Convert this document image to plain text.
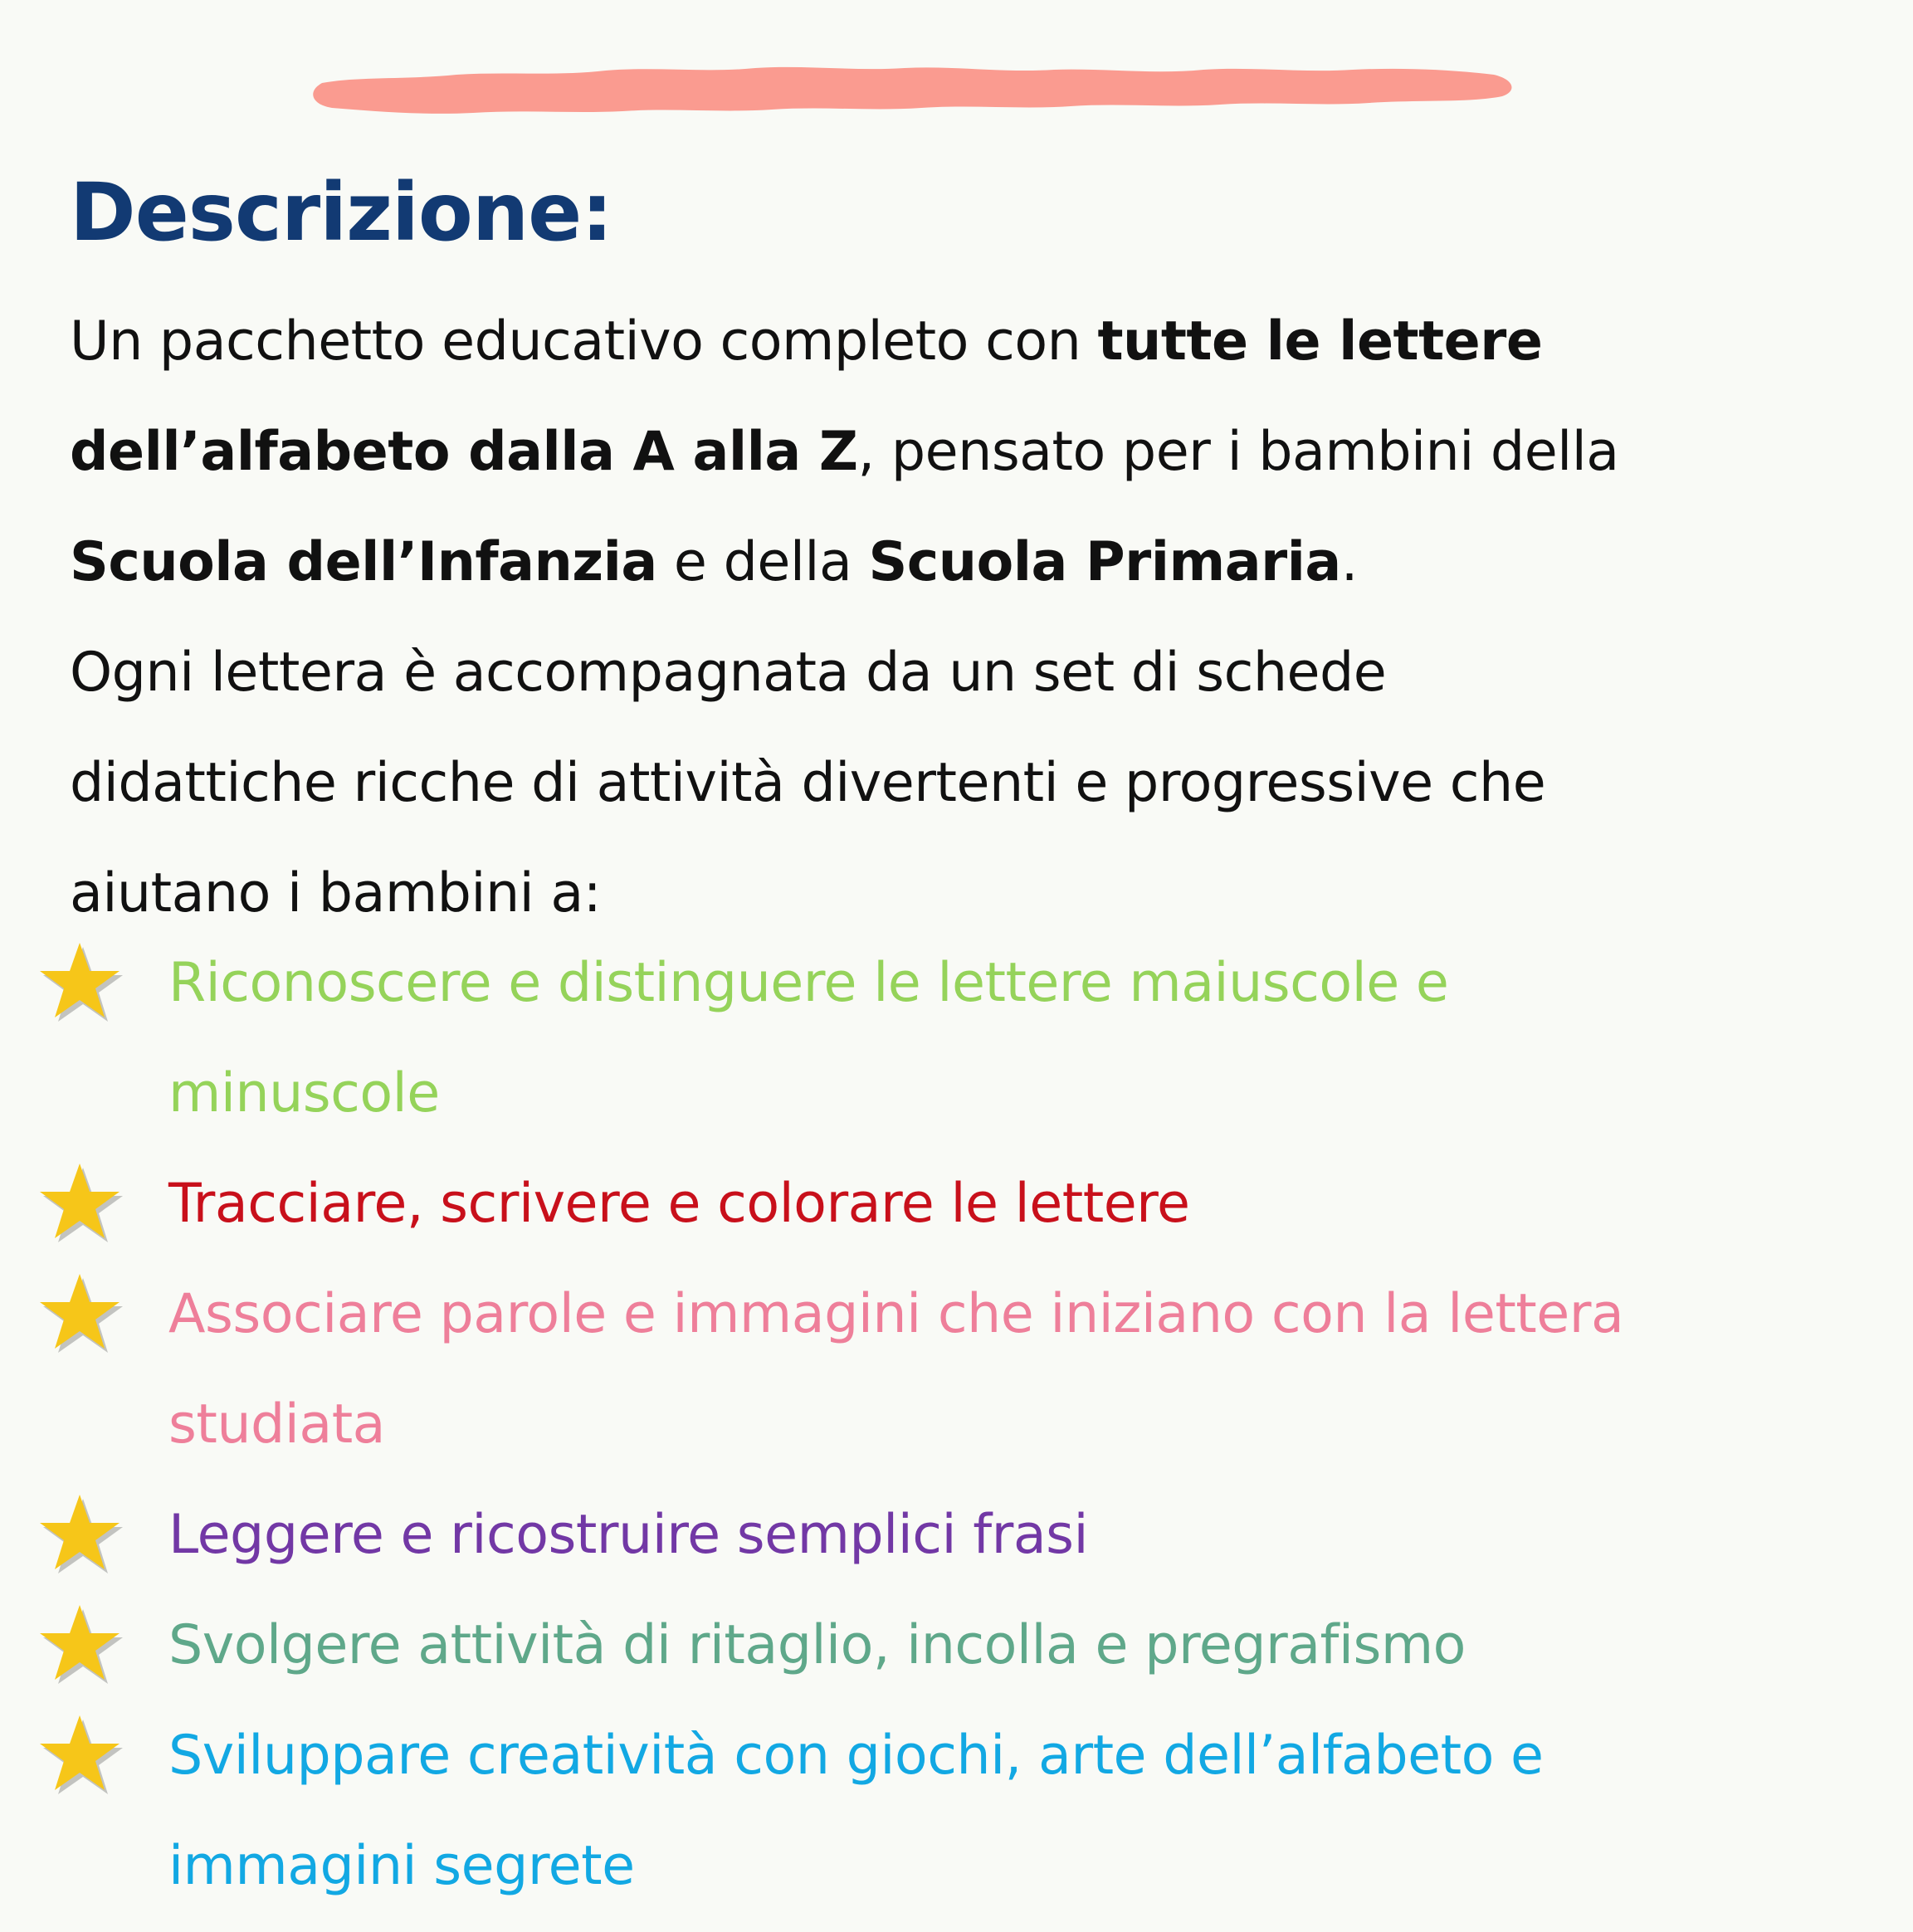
Descrizione:
Un pacchetto educativo completo con tutte le lettere
dell’alfabeto dalla A alla Z, pensato per i bambini della
Scuola dell’Infanzia e della Scuola Primaria.
Ogni lettera è accompagnata da un set di schede
didattiche ricche di attività divertenti e progressive che
aiutano i bambini a:
Riconoscere e distinguere le lettere maiuscole e
minuscole
Tracciare, scrivere e colorare le lettere
Associare parole e immagini che iniziano con la lettera
studiata
Leggere e ricostruire semplici frasi
Svolgere attività di ritaglio, incolla e pregrafismo
Sviluppare creatività con giochi, arte dell’alfabeto e
immagini segrete
